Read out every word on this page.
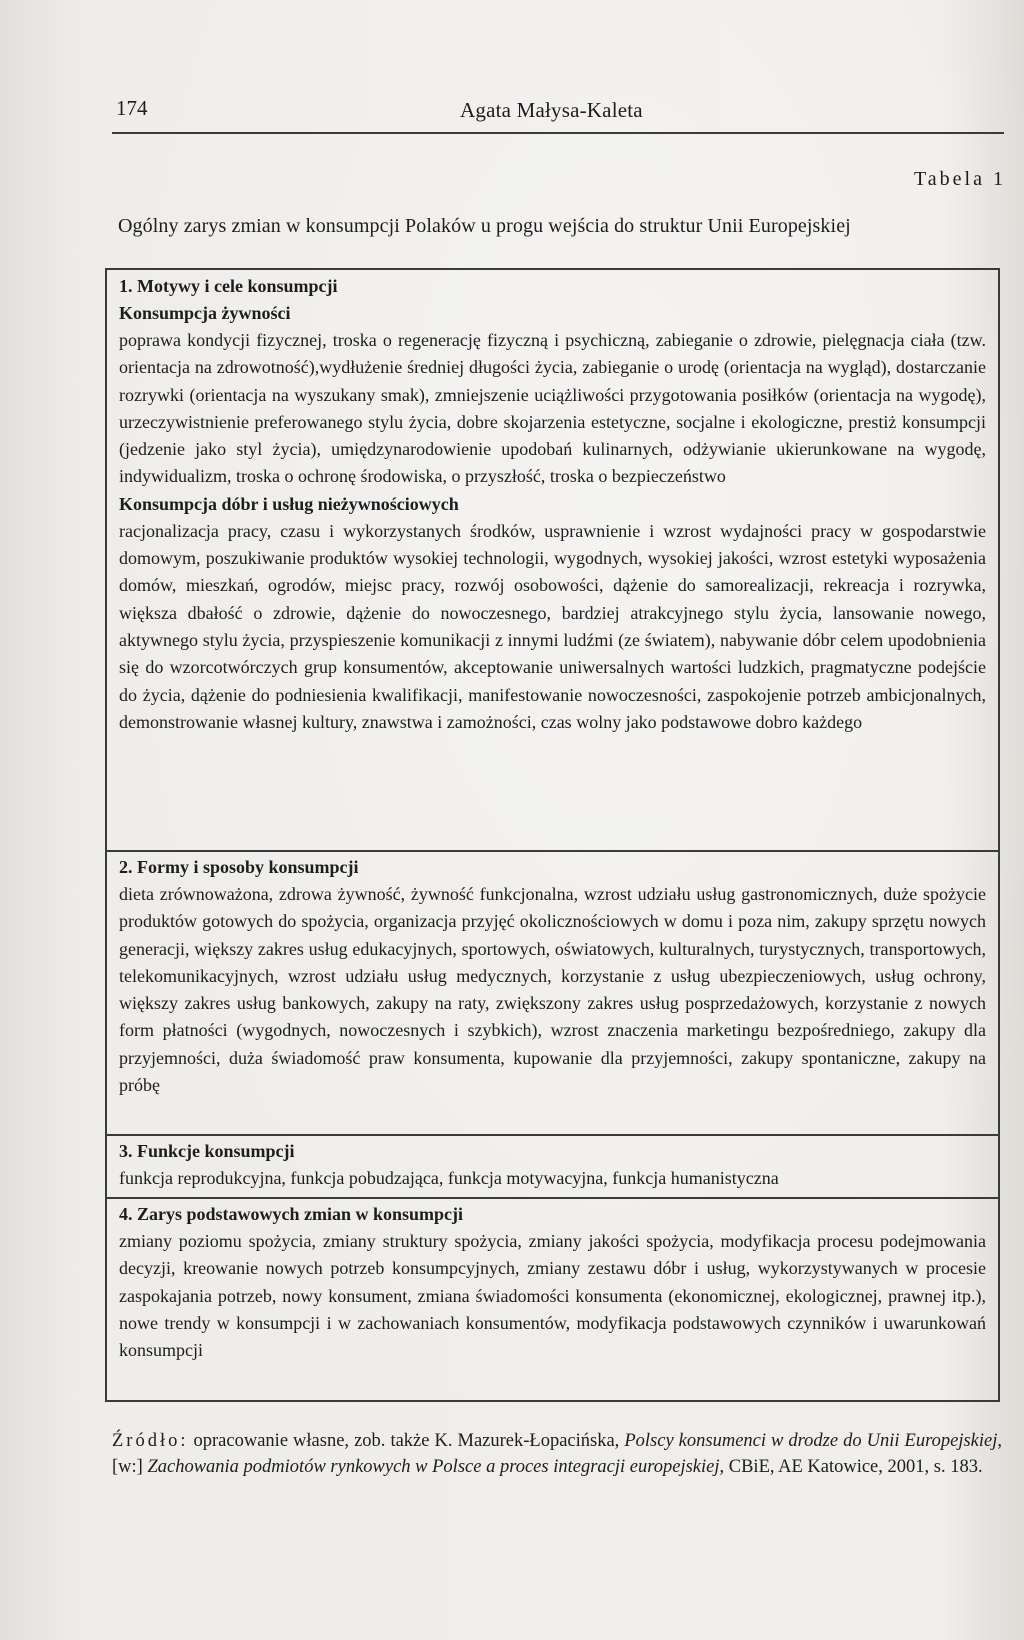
174	Agata Małysa-Kaleta
Tabela 1
Ogólny zarys zmian w konsumpcji Polaków u progu wejścia do struktur Unii Europejskiej
1. Motywy i cele konsumpcji
Konsumpcja żywności
poprawa kondycji fizycznej, troska o regenerację fizyczną i psychiczną, zabieganie o zdrowie, pielęgnacja ciała (tzw. orientacja na zdrowotność),wydłużenie średniej długości życia, zabieganie o urodę (orientacja na wygląd), dostarczanie rozrywki (orientacja na wyszukany smak), zmniejszenie uciążliwości przygotowania posiłków (orientacja na wygodę), urzeczywistnienie preferowanego stylu życia, dobre skojarzenia estetyczne, socjalne i ekologiczne, prestiż konsumpcji (jedzenie jako styl życia), umiędzynarodowienie upodobań kulinarnych, odżywianie ukierunkowane na wygodę, indywidualizm, troska o ochronę środowiska, o przyszłość, troska o bezpieczeństwo
Konsumpcja dóbr i usług nieżywnościowych
racjonalizacja pracy, czasu i wykorzystanych środków, usprawnienie i wzrost wydajności pracy w gospodarstwie domowym, poszukiwanie produktów wysokiej technologii, wygodnych, wysokiej jakości, wzrost estetyki wyposażenia domów, mieszkań, ogrodów, miejsc pracy, rozwój osobowości, dążenie do samorealizacji, rekreacja i rozrywka, większa dbałość o zdrowie, dążenie do nowoczesnego, bardziej atrakcyjnego stylu życia, lansowanie nowego, aktywnego stylu życia, przyspieszenie komunikacji z innymi ludźmi (ze światem), nabywanie dóbr celem upodobnienia się do wzorcotwórczych grup konsumentów, akceptowanie uniwersalnych wartości ludzkich, pragmatyczne podejście do życia, dążenie do podniesienia kwalifikacji, manifestowanie nowoczesności, zaspokojenie potrzeb ambicjonalnych, demonstrowanie własnej kultury, znawstwa i zamożności, czas wolny jako podstawowe dobro każdego
2. Formy i sposoby konsumpcji
dieta zrównoważona, zdrowa żywność, żywność funkcjonalna, wzrost udziału usług gastronomicznych, duże spożycie produktów gotowych do spożycia, organizacja przyjęć okolicznościowych w domu i poza nim, zakupy sprzętu nowych generacji, większy zakres usług edukacyjnych, sportowych, oświatowych, kulturalnych, turystycznych, transportowych, telekomunikacyjnych, wzrost udziału usług medycznych, korzystanie z usług ubezpieczeniowych, usług ochrony, większy zakres usług bankowych, zakupy na raty, zwiększony zakres usług posprzedażowych, korzystanie z nowych form płatności (wygodnych, nowoczesnych i szybkich), wzrost znaczenia marketingu bezpośredniego, zakupy dla przyjemności, duża świadomość praw konsumenta, kupowanie dla przyjemności, zakupy spontaniczne, zakupy na próbę
3. Funkcje konsumpcji
funkcja reprodukcyjna, funkcja pobudzająca, funkcja motywacyjna, funkcja humanistyczna
4. Zarys podstawowych zmian w konsumpcji
zmiany poziomu spożycia, zmiany struktury spożycia, zmiany jakości spożycia, modyfikacja procesu podejmowania decyzji, kreowanie nowych potrzeb konsumpcyjnych, zmiany zestawu dóbr i usług, wykorzystywanych w procesie zaspokajania potrzeb, nowy konsument, zmiana świadomości konsumenta (ekonomicznej, ekologicznej, prawnej itp.), nowe trendy w konsumpcji i w zachowaniach konsumentów, modyfikacja podstawowych czynników i uwarunkowań konsumpcji
Źródło: opracowanie własne, zob. także K. Mazurek-Łopacińska, Polscy konsumenci w drodze do Unii Europejskiej, [w:] Zachowania podmiotów rynkowych w Polsce a proces integracji europejskiej, CBiE, AE Katowice, 2001, s. 183.
